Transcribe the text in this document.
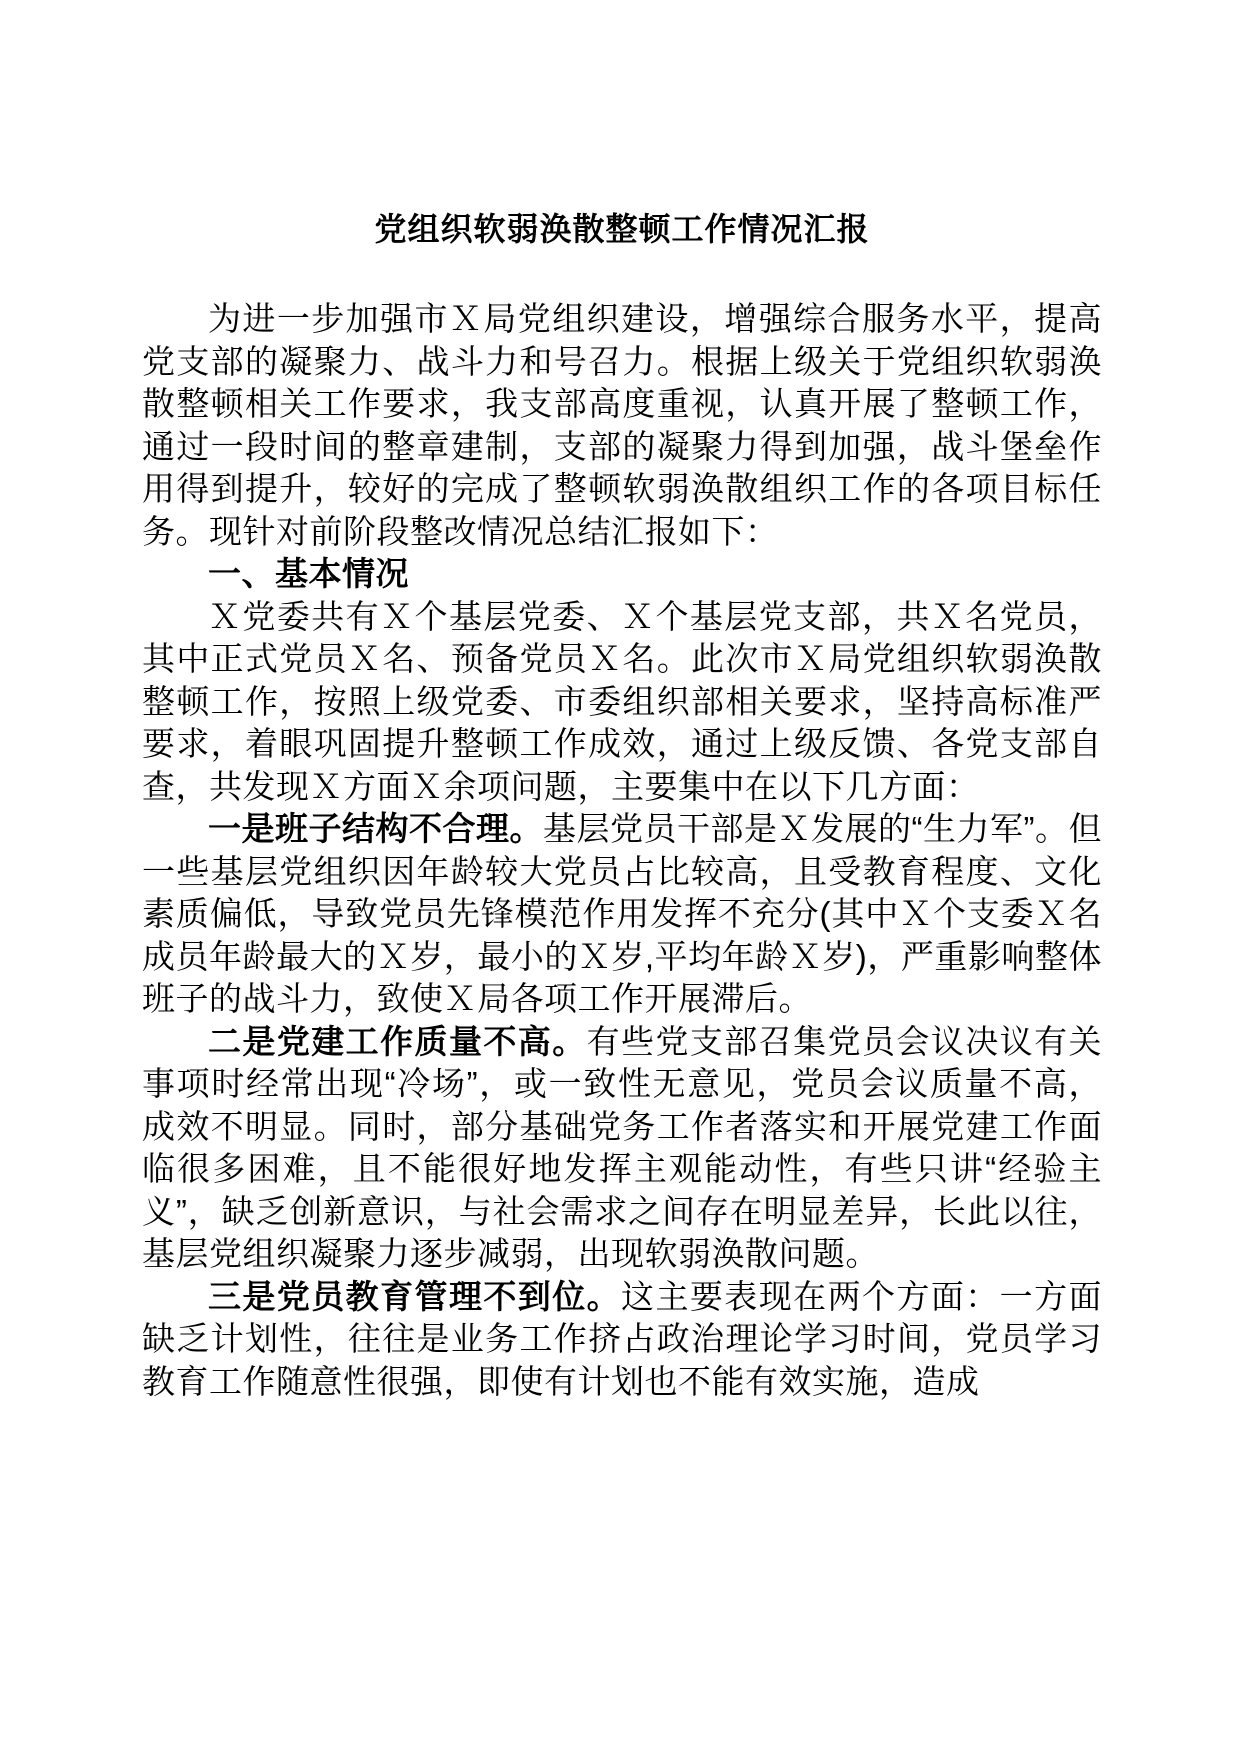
党组织软弱涣散整顿工作情况汇报

为进一步加强市Ｘ局党组织建设，增强综合服务水平，提高党支部的凝聚力、战斗力和号召力。根据上级关于党组织软弱涣散整顿相关工作要求，我支部高度重视，认真开展了整顿工作，通过一段时间的整章建制，支部的凝聚力得到加强，战斗堡垒作用得到提升，较好的完成了整顿软弱涣散组织工作的各项目标任务。现针对前阶段整改情况总结汇报如下：

一、基本情况

Ｘ党委共有Ｘ个基层党委、Ｘ个基层党支部，共Ｘ名党员，其中正式党员Ｘ名、预备党员Ｘ名。此次市Ｘ局党组织软弱涣散整顿工作，按照上级党委、市委组织部相关要求，坚持高标准严要求，着眼巩固提升整顿工作成效，通过上级反馈、各党支部自查，共发现Ｘ方面Ｘ余项问题，主要集中在以下几方面：

一是班子结构不合理。基层党员干部是Ｘ发展的“生力军”。但一些基层党组织因年龄较大党员占比较高，且受教育程度、文化素质偏低，导致党员先锋模范作用发挥不充分(其中Ｘ个支委Ｘ名成员年龄最大的Ｘ岁，最小的Ｘ岁,平均年龄Ｘ岁)，严重影响整体班子的战斗力，致使Ｘ局各项工作开展滞后。

二是党建工作质量不高。有些党支部召集党员会议决议有关事项时经常出现“冷场”，或一致性无意见，党员会议质量不高，成效不明显。同时，部分基础党务工作者落实和开展党建工作面临很多困难，且不能很好地发挥主观能动性，有些只讲“经验主义”，缺乏创新意识，与社会需求之间存在明显差异，长此以往，基层党组织凝聚力逐步减弱，出现软弱涣散问题。

三是党员教育管理不到位。这主要表现在两个方面：一方面缺乏计划性，往往是业务工作挤占政治理论学习时间，党员学习教育工作随意性很强，即使有计划也不能有效实施，造成
